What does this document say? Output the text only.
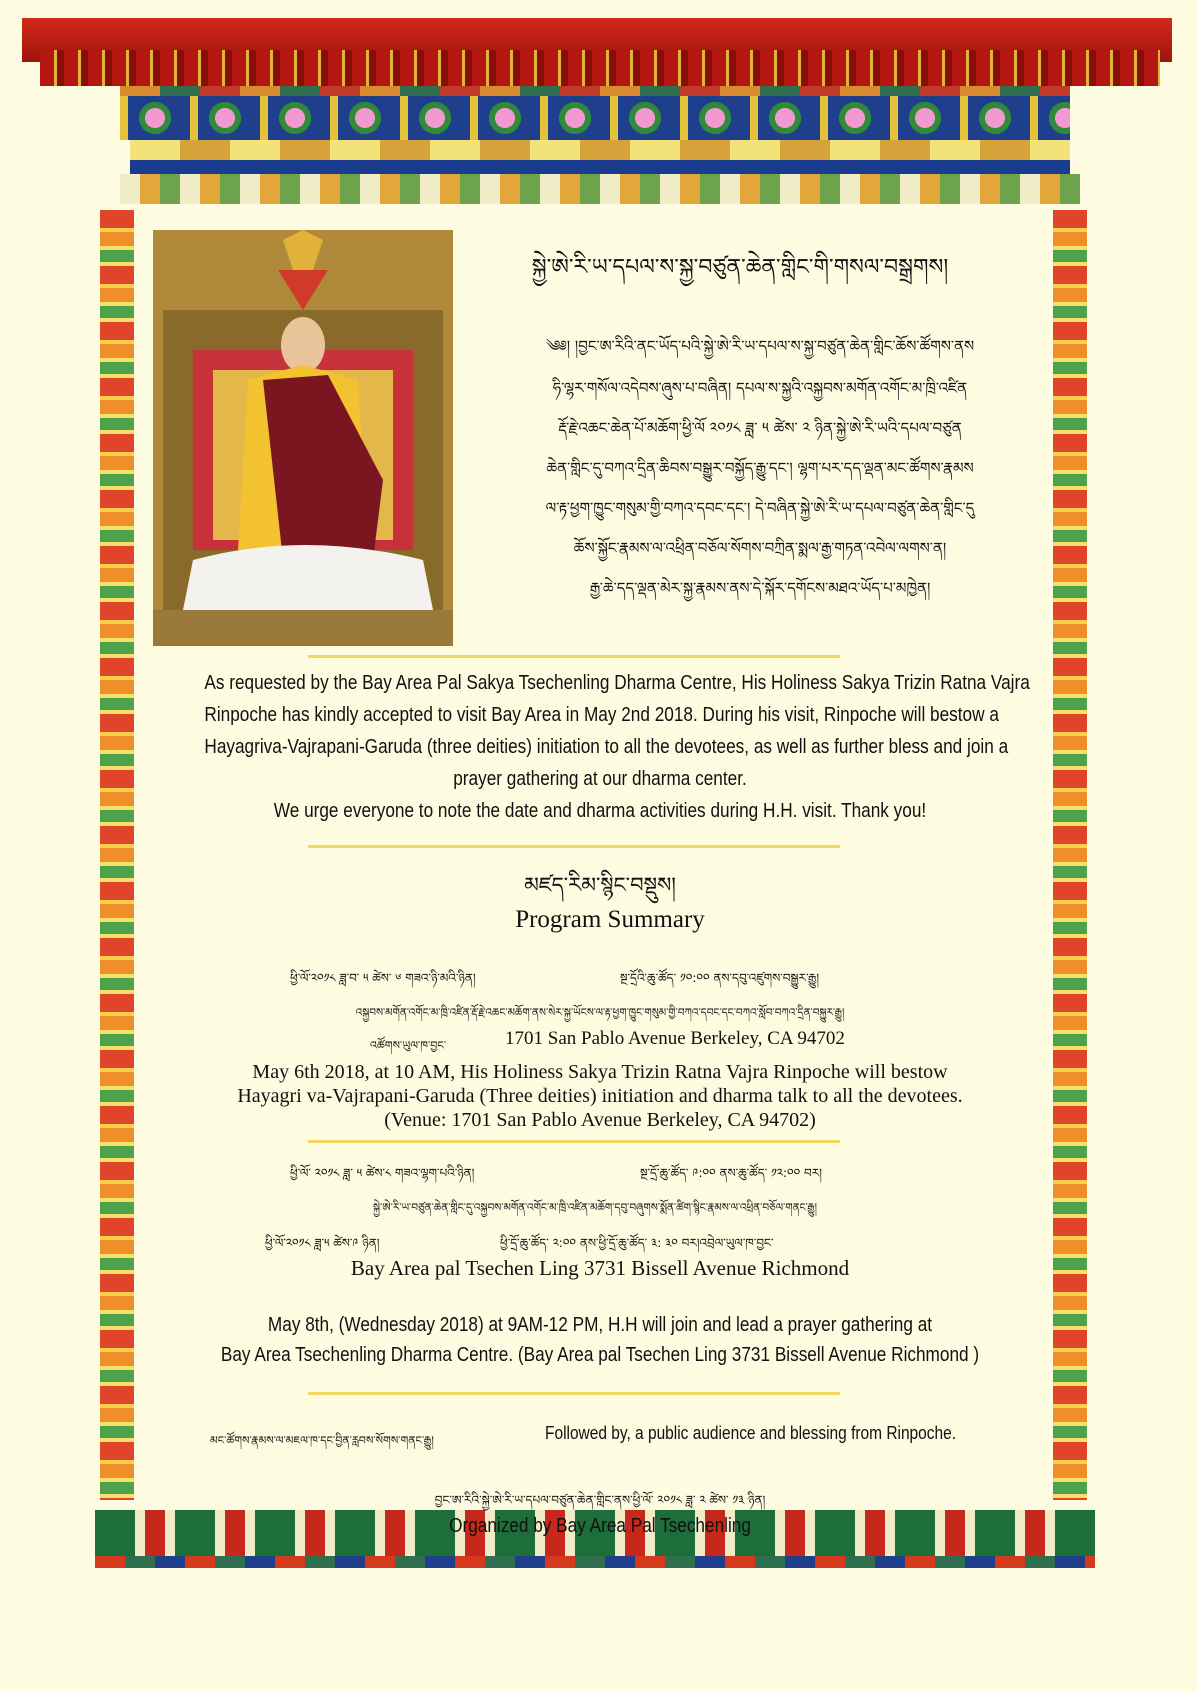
སྐྱེ་ཨེ་རི་ཡ་དཔལ་ས་སྐྱ་བཙུན་ཆེན་གླིང་གི་གསལ་བསྒྲགས།
༄༅། །བྱང་ཨ་རིའི་ནང་ཡོད་པའི་སྐྱེ་ཨེ་རི་ཡ་དཔལ་ས་སྐྱ་བཙུན་ཆེན་གླིང་ཆོས་ཚོགས་ནས
ཧི་ལྷར་གསོལ་འདེབས་ཞུས་པ་བཞིན། དཔལ་ས་སྐྱའི་འསྐྱབས་མགོན་འགོང་མ་ཁྲི་འཛིན
རྡོ་རྗེ་འཆང་ཆེན་པོ་མཆོག་ཕྱི་ལོ ༢༠༡༨ ཟླ་ ༥ ཚེས་ ༢ ཉིན་སྐྱེ་ཨེ་རི་ཡའི་དཔལ་བཙུན
ཆེན་གླིང་དུ་བཀའ་དྲིན་ཆིབས་བསྒྱུར་བསྐྱོད་རྒྱུ་དང་། ལྷག་པར་དད་ལྡན་མང་ཚོགས་རྣམས
ལ་རྟ་ཕྱག་ཁྱུང་གསུམ་གྱི་བཀའ་དབང་དང་། དེ་བཞིན་སྐྱེ་ཨེ་རི་ཡ་དཔལ་བཙུན་ཆེན་གླིང་དུ
ཆོས་སྐྱོང་རྣམས་ལ་འཕྲིན་བཅོལ་སོགས་བཀྲིན་སྨལ་རྒྱ་གཏན་འབེལ་ལགས་ན།
རྒྱ་ཆེ་དད་ལྡན་མེར་སྐྱ་རྣམས་ནས་དེ་སྐོར་དགོངས་མཐའ་ཡོད་པ་མཁྱེན།
As requested by the Bay Area Pal Sakya Tsechenling Dharma Centre, His Holiness Sakya Trizin Ratna Vajra
Rinpoche has kindly accepted to visit Bay Area in May 2nd 2018. During his visit, Rinpoche will bestow a
Hayagriva-Vajrapani-Garuda (three deities) initiation to all the devotees, as well as further bless and join a
prayer gathering at our dharma center.
We urge everyone to note the date and dharma activities during H.H. visit. Thank you!
མཛད་རིམ་སྙིང་བསྡུས།
Program Summary
ཕྱི་ལོ་༢༠༡༨ ཟླ་བ་ ༥ ཚེས་ ༦ གཟའ་ཉི་མའི་ཉིན།	སྔ་དྲོའི་ཆུ་ཚོད་ ༡༠:༠༠ ནས་དབུ་འཛུགས་བསྒྱུར་རྒྱུ།
འསྐྱབས་མགོན་འགོང་མ་ཁྲི་འཛིན་རྡོ་རྗེ་འཆང་མཆོག་ནས་སེར་སྐྱ་ཡོངས་ལ་རྟ་ཕྱག་ཁྱུང་གསུམ་གྱི་བཀའ་དབང་དང་བཀའ་སློབ་བཀའ་དྲིན་བསྐྱུར་རྒྱུ།
འཚོགས་ཡུལ་ཁ་བྱང་	1701 San Pablo Avenue Berkeley, CA 94702
May 6th 2018, at 10 AM, His Holiness Sakya Trizin Ratna Vajra Rinpoche will bestow
Hayagri va-Vajrapani-Garuda (Three deities) initiation and dharma talk to all the devotees.
(Venue: 1701 San Pablo Avenue Berkeley, CA 94702)
ཕྱི་ལོ་ ༢༠༡༨ ཟླ་ ༥ ཚེས་༨ གཟའ་ལྷག་པའི་ཉིན།	སྔ་དྲོ་ཆུ་ཚོད་ ༩:༠༠ ནས་ཆུ་ཚོད་ ༡༢:༠༠ བར།
སྐྱེ་ཨེ་རི་ཡ་བཙུན་ཆེན་གླིང་དུ་འསྐྱབས་མགོན་འགོང་མ་ཁྲི་འཛིན་མཆོག་དབུ་བཞུགས་སྨོན་ཚིག་སྙིང་རྣམས་ལ་འཕྲིན་བཅོལ་གནང་རྒྱུ།
ཕྱི་ལོ་༢༠༡༨ ཟླ་༥ ཚེས་༩ ཉིན།	ཕྱི་དྲོ་ཆུ་ཚོད་ ༢:༠༠ ནས་ཕྱི་དྲོ་ཆུ་ཚོད་ ༣: ༣༠ བར།འབྲེལ་ཡུལ་ཁ་བྱང་
Bay Area pal Tsechen Ling 3731 Bissell Avenue Richmond
May 8th, (Wednesday 2018) at 9AM-12 PM, H.H will join and lead a prayer gathering at
Bay Area Tsechenling Dharma Centre. (Bay Area pal Tsechen Ling 3731 Bissell Avenue Richmond )
མང་ཚོགས་རྣམས་ལ་མཇལ་ཁ་དང་བྱིན་རླབས་སོགས་གནང་རྒྱུ།	Followed by, a public audience and blessing from Rinpoche.
བྱང་ཨ་རིའི་སྐྱེ་ཨེ་རི་ཡ་དཔལ་བཙུན་ཆེན་གླིང་ནས་ཕྱི་ལོ་ ༢༠༡༨ ཟླ་ ༢ ཚེས་ ༡༣ ཉིན།
Organized by Bay Area Pal Tsechenling
